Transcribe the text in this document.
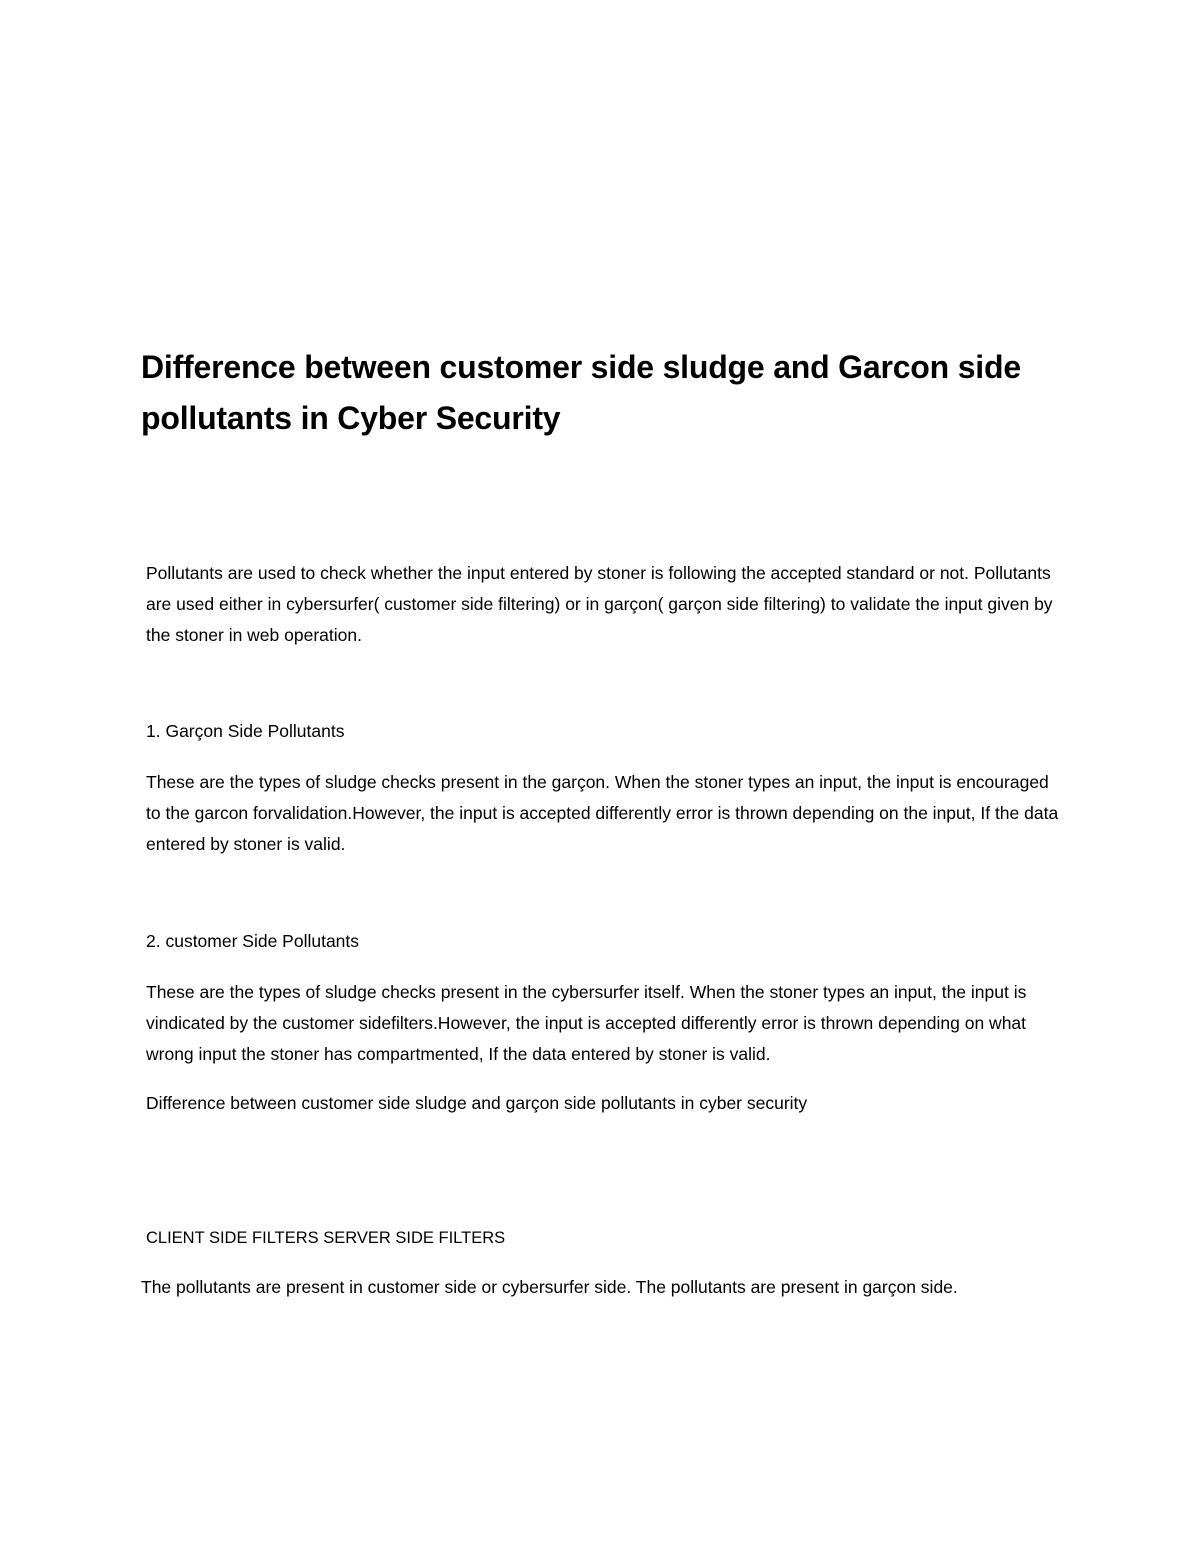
Difference between customer side sludge and Garcon side pollutants in Cyber Security

Pollutants are used to check whether the input entered by stoner is following the accepted standard or not. Pollutants are used either in cybersurfer( customer side filtering) or in garçon( garçon side filtering) to validate the input given by the stoner in web operation.

1. Garçon Side Pollutants

These are the types of sludge checks present in the garçon. When the stoner types an input, the input is encouraged to the garcon forvalidation.However, the input is accepted differently error is thrown depending on the input, If the data entered by stoner is valid.

2. customer Side Pollutants

These are the types of sludge checks present in the cybersurfer itself. When the stoner types an input, the input is vindicated by the customer sidefilters.However, the input is accepted differently error is thrown depending on what wrong input the stoner has compartmented, If the data entered by stoner is valid.

Difference between customer side sludge and garçon side pollutants in cyber security

CLIENT SIDE FILTERS SERVER SIDE FILTERS

The pollutants are present in customer side or cybersurfer side. The pollutants are present in garçon side.
